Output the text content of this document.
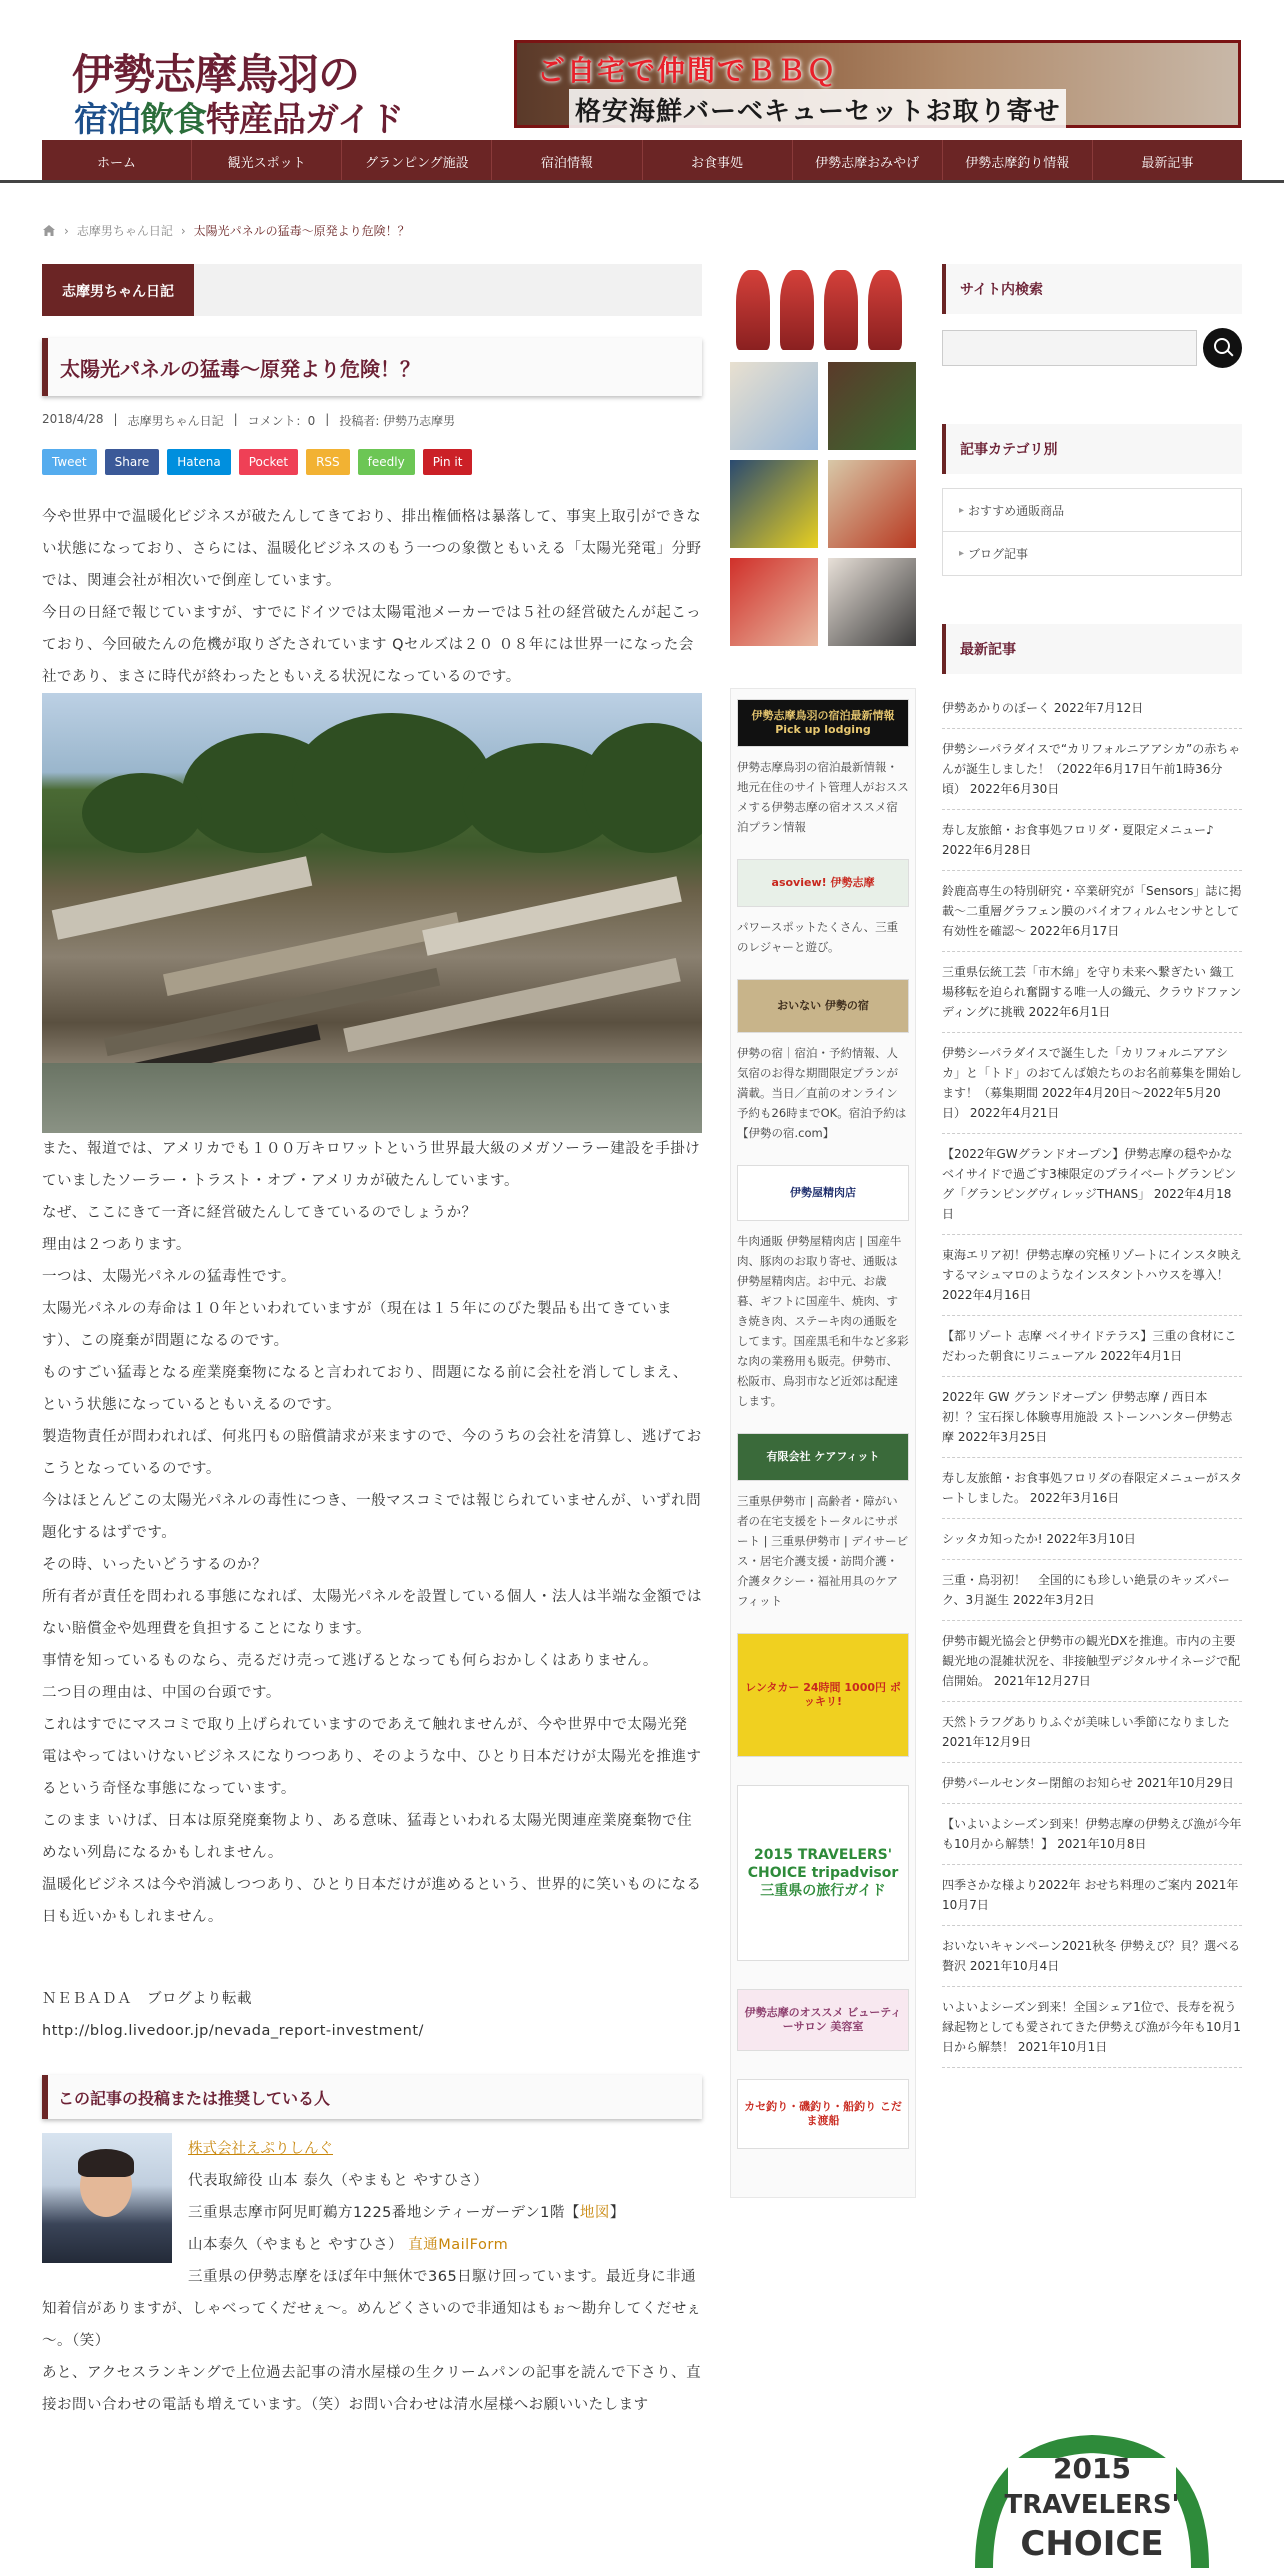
伊勢志摩鳥羽の
宿泊飲食特産品ガイド
ご自宅で仲間でＢＢＱ
格安海鮮バーベキューセットお取り寄せ
ホーム	観光スポット	グランピング施設	宿泊情報	お食事処	伊勢志摩おみやげ	伊勢志摩釣り情報	最新記事
› 志摩男ちゃん日記 › 太陽光パネルの猛毒～原発より危険！？
志摩男ちゃん日記
太陽光パネルの猛毒～原発より危険！？
2018/4/28 | 志摩男ちゃん日記 | コメント：0 | 投稿者: 伊勢乃志摩男
Tweet	Share	Hatena	Pocket	RSS	feedly	Pin it

今や世界中で温暖化ビジネスが破たんしてきており、排出権価格は暴落して、事実上取引ができない状態になっており、さらには、温暖化ビジネスのもう一つの象徴ともいえる「太陽光発電」分野では、関連会社が相次いで倒産しています。

今日の日経で報じていますが、すでにドイツでは太陽電池メーカーでは５社の経営破たんが起こっており、今回破たんの危機が取りざたされています Qセルズは２０ ０８年には世界一になった会社であり、まさに時代が終わったともいえる状況になっているのです。

また、報道では、アメリカでも１００万キロワットという世界最大級のメガソーラー建設を手掛けていましたソーラー・トラスト・オブ・アメリカが破たんしています。

なぜ、ここにきて一斉に経営破たんしてきているのでしょうか？

理由は２つあります。

一つは、太陽光パネルの猛毒性です。

太陽光パネルの寿命は１０年といわれていますが（現在は１５年にのびた製品も出てきています）、この廃棄が問題になるのです。

ものすごい猛毒となる産業廃棄物になると言われており、問題になる前に会社を消してしまえ、という状態になっているともいえるのです。

製造物責任が問われれば、何兆円もの賠償請求が来ますので、今のうちの会社を清算し、逃げておこうとなっているのです。

今はほとんどこの太陽光パネルの毒性につき、一般マスコミでは報じられていませんが、いずれ問題化するはずです。

その時、いったいどうするのか？

所有者が責任を問われる事態になれば、太陽光パネルを設置している個人・法人は半端な金額ではない賠償金や処理費を負担することになります。

事情を知っているものなら、売るだけ売って逃げるとなっても何らおかしくはありません。

二つ目の理由は、中国の台頭です。

これはすでにマスコミで取り上げられていますのであえて触れませんが、今や世界中で太陽光発電はやってはいけないビジネスになりつつあり、そのような中、ひとり日本だけが太陽光を推進するという奇怪な事態になっています。

このまま いけば、日本は原発廃棄物より、ある意味、猛毒といわれる太陽光関連産業廃棄物で住めない列島になるかもしれません。

温暖化ビジネスは今や消滅しつつあり、ひとり日本だけが進めるという、世界的に笑いものになる日も近いかもしれません。

ＮＥＢＡＤＡ　ブログより転載
http://blog.livedoor.jp/nevada_report-investment/
この記事の投稿または推奨している人
株式会社えぷりしんぐ
代表取締役 山本 泰久（やまもと やすひさ）
三重県志摩市阿児町鵜方1225番地シティーガーデン1階【地図】
山本泰久（やまもと やすひさ） 直通MailForm
三重県の伊勢志摩をほぼ年中無休で365日駆け回っています。最近身に非通知着信がありますが、しゃべってくだせぇ～。めんどくさいので非通知はもぉ～勘弁してくだせぇ～。（笑）
あと、アクセスランキングで上位過去記事の清水屋様の生クリームパンの記事を読んで下さり、直接お問い合わせの電話も増えています。（笑）お問い合わせは清水屋様へお願いいたします
伊勢志摩鳥羽の宿泊最新情報 Pick up lodging
伊勢志摩鳥羽の宿泊最新情報・地元在住のサイト管理人がおススメする伊勢志摩の宿オススメ宿泊プラン情報
asoview! 伊勢志摩
パワースポットたくさん、三重のレジャーと遊び。
おいない 伊勢の宿
伊勢の宿｜宿泊・予約情報、人気宿のお得な期間限定プランが満載。当日／直前のオンライン予約も26時までOK。宿泊予約は【伊勢の宿.com】
伊勢屋精肉店
牛肉通販 伊勢屋精肉店 | 国産牛肉、豚肉のお取り寄せ、通販は伊勢屋精肉店。お中元、お歳暮、ギフトに国産牛、焼肉、すき焼き肉、ステーキ肉の通販をしてます。国産黒毛和牛など多彩な肉の業務用も販売。伊勢市、松阪市、鳥羽市など近郊は配達します。
有限会社 ケアフィット
三重県伊勢市 | 高齢者・障がい者の在宅支援をトータルにサポート | 三重県伊勢市 | デイサービス・居宅介護支援・訪問介護・介護タクシー・福祉用具のケアフィット
レンタカー 24時間 1000円 ポッキリ!
2015 TRAVELERS' CHOICE tripadvisor 三重県の旅行ガイド
伊勢志摩のオススメ ビューティーサロン 美容室
カセ釣り・磯釣り・船釣り こだま渡船
サイト内検索
記事カテゴリ別
▸ おすすめ通販商品
▸ ブログ記事
最新記事
伊勢あかりのぼーく 2022年7月12日
伊勢シーパラダイスで“カリフォルニアアシカ”の赤ちゃんが誕生しました！（2022年6月17日午前1時36分頃） 2022年6月30日
寿し友旅館・お食事処フロリダ・夏限定メニュー♪ 2022年6月28日
鈴鹿高専生の特別研究・卒業研究が「Sensors」誌に掲載～二重層グラフェン膜のバイオフィルムセンサとして有効性を確認～ 2022年6月17日
三重県伝統工芸「市木綿」を守り未来へ繋ぎたい 織工場移転を迫られ奮闘する唯一人の織元、クラウドファンディングに挑戦 2022年6月1日
伊勢シーパラダイスで誕生した「カリフォルニアアシカ」と「トド」のおてんば娘たちのお名前募集を開始します！（募集期間 2022年4月20日～2022年5月20日） 2022年4月21日
【2022年GWグランドオープン】伊勢志摩の穏やかなベイサイドで過ごす3棟限定のプライベートグランピング「グランピングヴィレッジTHANS」 2022年4月18日
東海エリア初！伊勢志摩の究極リゾートにインスタ映えするマシュマロのようなインスタントハウスを導入！ 2022年4月16日
【都リゾート 志摩 ベイサイドテラス】三重の食材にこだわった朝食にリニューアル 2022年4月1日
2022年 GW グランドオープン 伊勢志摩 / 西日本初！？宝石探し体験専用施設 ストーンハンター伊勢志摩 2022年3月25日
寿し友旅館・お食事処フロリダの春限定メニューがスタートしました。 2022年3月16日
シッタカ知ったか! 2022年3月10日
三重・鳥羽初！　全国的にも珍しい絶景のキッズパーク、3月誕生 2022年3月2日
伊勢市観光協会と伊勢市の観光DXを推進。市内の主要観光地の混雑状況を、非接触型デジタルサイネージで配信開始。 2021年12月27日
天然トラフグありりふぐが美味しい季節になりました 2021年12月9日
伊勢パールセンター閉館のお知らせ 2021年10月29日
【いよいよシーズン到来！伊勢志摩の伊勢えび漁が今年も10月から解禁！】 2021年10月8日
四季さかな様より2022年 おせち料理のご案内 2021年10月7日
おいないキャンペーン2021秋冬 伊勢えび？貝？選べる贅沢 2021年10月4日
いよいよシーズン到来！全国シェア1位で、長寿を祝う縁起物としても愛されてきた伊勢えび漁が今年も10月1日から解禁！ 2021年10月1日
2015
TRAVELERS'
CHOICE
